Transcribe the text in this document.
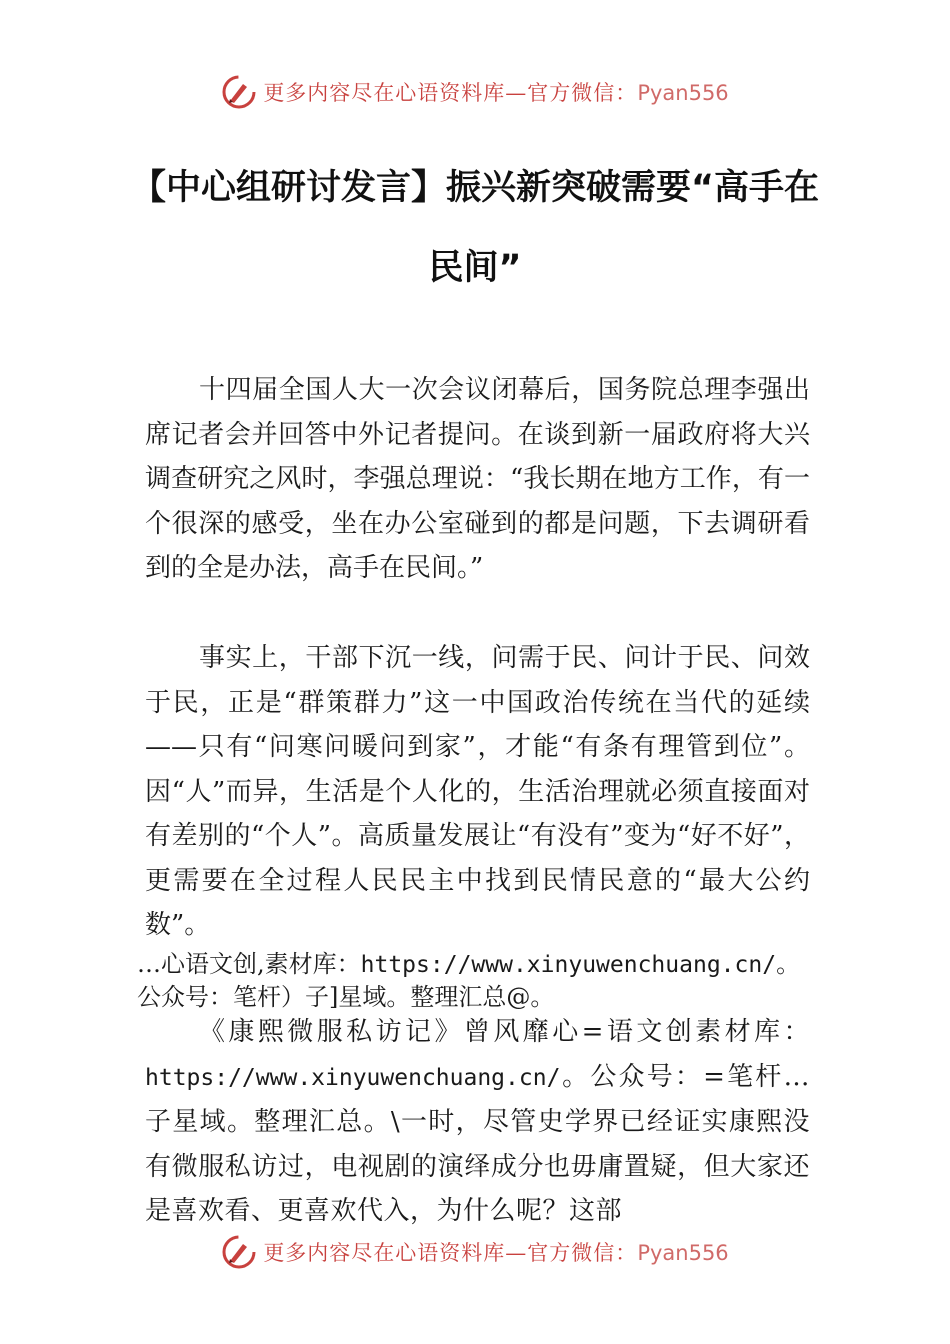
更多内容尽在心语资料库—官方微信：Pyan556
【中心组研讨发言】振兴新突破需要“高手在民间”

十四届全国人大一次会议闭幕后，国务院总理李强出席记者会并回答中外记者提问。在谈到新一届政府将大兴调查研究之风时，李强总理说：“我长期在地方工作，有一个很深的感受，坐在办公室碰到的都是问题，下去调研看到的全是办法，高手在民间。”

事实上，干部下沉一线，问需于民、问计于民、问效于民，正是“群策群力”这一中国政治传统在当代的延续——只有“问寒问暖问到家”，才能“有条有理管到位”。因“人”而异，生活是个人化的，生活治理就必须直接面对有差别的“个人”。高质量发展让“有没有”变为“好不好”，更需要在全过程人民民主中找到民情民意的“最大公约数”。

…心语文创,素材库：https://www.xinyuwenchuang.cn/。
公众号：笔杆）子]星域。整理汇总@。

《康熙微服私访记》曾风靡心=语文创素材库：https://www.xinyuwenchuang.cn/。公众号：=笔杆…子星域。整理汇总。\一时，尽管史学界已经证实康熙没有微服私访过，电视剧的演绎成分也毋庸置疑，但大家还是喜欢看、更喜欢代入，为什么呢？这部

更多内容尽在心语资料库—官方微信：Pyan556
